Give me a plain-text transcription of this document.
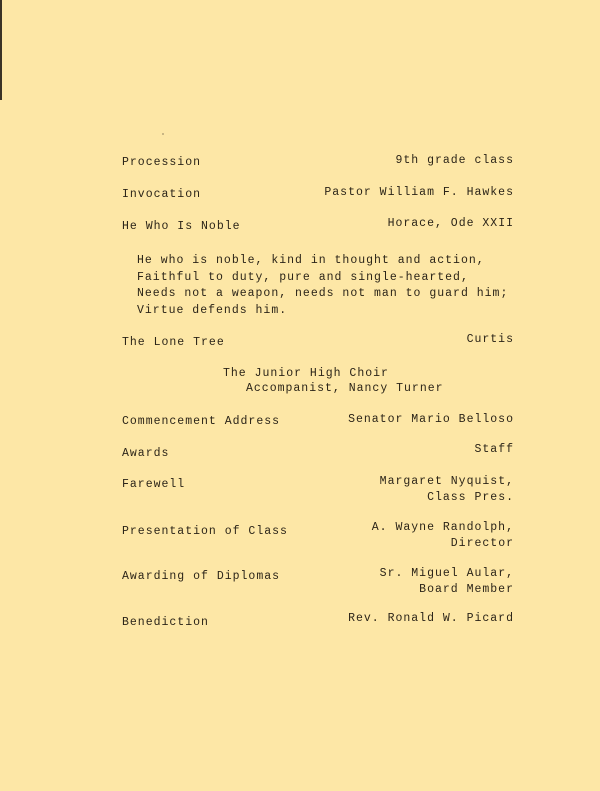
Procession	9th grade class
Invocation	Pastor William F. Hawkes
He Who Is Noble	Horace, Ode XXII
He who is noble, kind in thought and action,
Faithful to duty, pure and single-hearted,
Needs not a weapon, needs not man to guard him;
Virtue defends him.
The Lone Tree	Curtis
The Junior High Choir
Accompanist, Nancy Turner
Commencement Address	Senator Mario Belloso
Awards	Staff
Farewell	Margaret Nyquist,
Class Pres.
Presentation of Class	A. Wayne Randolph,
Director
Awarding of Diplomas	Sr. Miguel Aular,
Board Member
Benediction	Rev. Ronald W. Picard
